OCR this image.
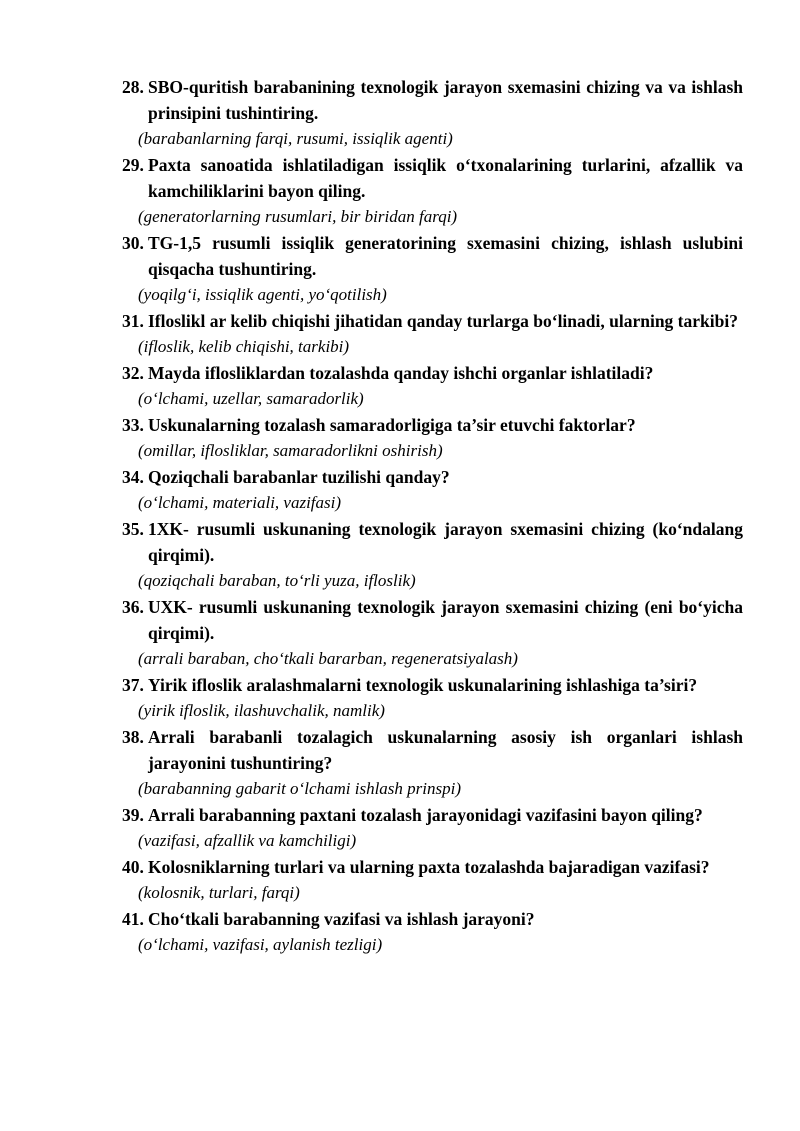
28. SBO-quritish barabanining texnologik jarayon sxemasini chizing va va ishlash prinsipini tushintiring.
(barabanlarning farqi, rusumi, issiqlik agenti)
29. Paxta sanoatida ishlatiladigan issiqlik o‘txonalarining turlarini, afzallik va kamchiliklarini bayon qiling.
(generatorlarning rusumlari, bir biridan farqi)
30. TG-1,5 rusumli issiqlik generatorining sxemasini chizing, ishlash uslubini qisqacha tushuntiring.
(yoqilg‘i, issiqlik agenti, yo‘qotilish)
31. Ifloslikl ar kelib chiqishi jihatidan qanday turlarga bo‘linadi, ularning tarkibi?
(ifloslik, kelib chiqishi, tarkibi)
32. Mayda iflosliklardan tozalashda qanday ishchi organlar ishlatiladi?
(o‘lchami, uzellar, samaradorlik)
33. Uskunalarning tozalash samaradorligiga ta’sir etuvchi faktorlar?
(omillar, iflosliklar, samaradorlikni oshirish)
34. Qoziqchali barabanlar tuzilishi qanday?
(o‘lchami, materiali, vazifasi)
35. 1XK- rusumli uskunaning texnologik jarayon sxemasini chizing (ko‘ndalang qirqimi).
(qoziqchali baraban, to‘rli yuza, ifloslik)
36. UXK- rusumli uskunaning texnologik jarayon sxemasini chizing (eni bo‘yicha qirqimi).
(arrali baraban, cho‘tkali bararban, regeneratsiyalash)
37. Yirik ifloslik aralashmalarni texnologik uskunalarining ishlashiga ta’siri?
(yirik ifloslik, ilashuvchalik, namlik)
38. Arrali barabanli tozalagich uskunalarning asosiy ish organlari ishlash jarayonini tushuntiring?
(barabanning gabarit o‘lchami ishlash prinspi)
39. Arrali barabanning paxtani tozalash jarayonidagi vazifasini bayon qiling?
(vazifasi, afzallik va kamchiligi)
40. Kolosniklarning turlari va ularning paxta tozalashda bajaradigan vazifasi?
(kolosnik, turlari, farqi)
41. Cho‘tkali barabanning vazifasi va ishlash jarayoni?
(o‘lchami, vazifasi, aylanish tezligi)
